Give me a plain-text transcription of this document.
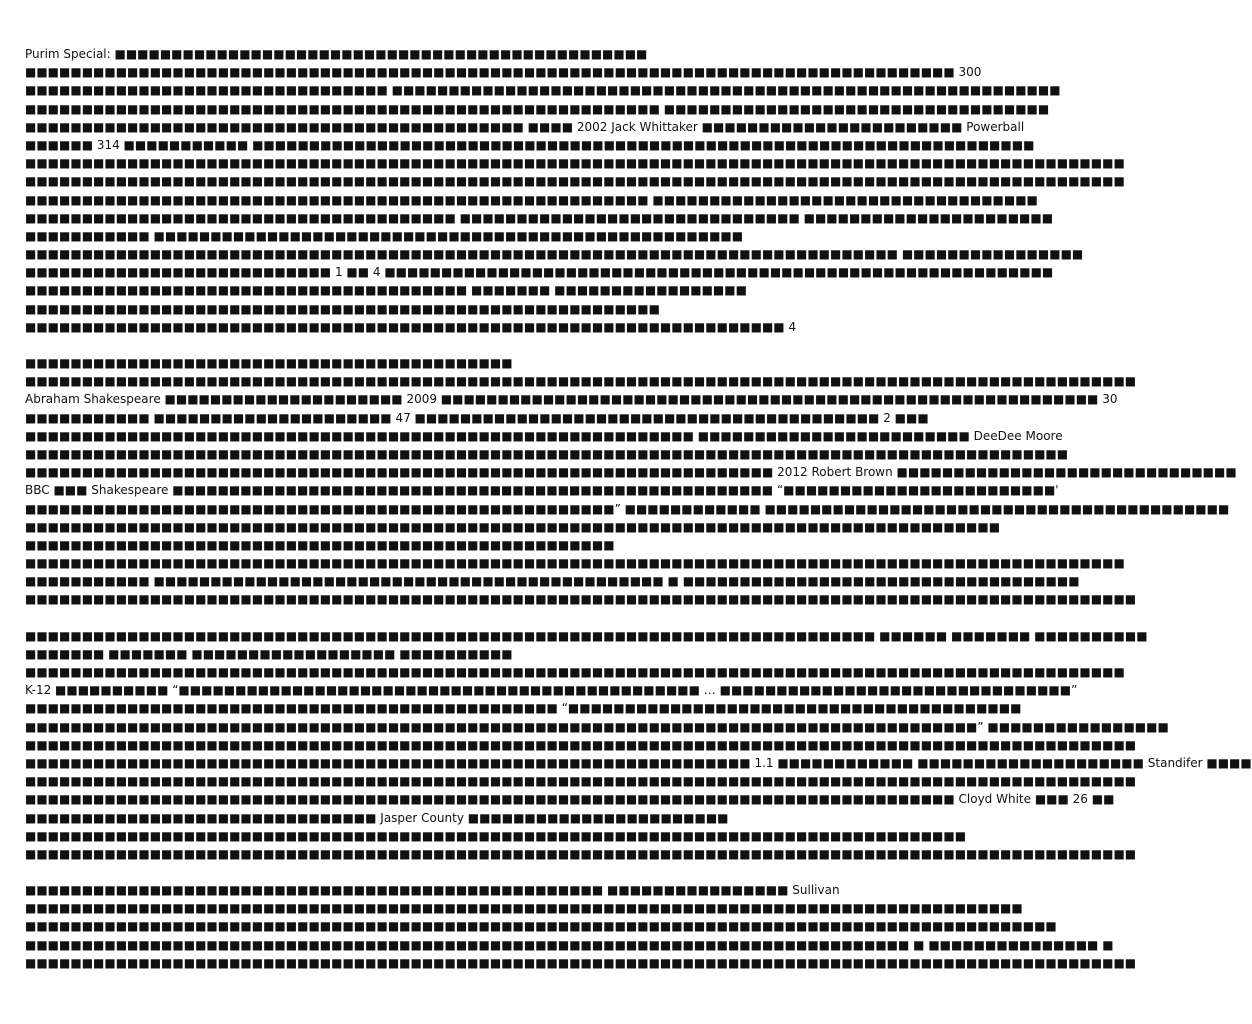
Purim Special: ■■■■■■■■■■■■■■■■■■■■■■■■■■■■■■■■■■■■■■■■■■■■■■■
■■■■■■■■■■■■■■■■■■■■■■■■■■■■■■■■■■■■■■■■■■■■■■■■■■■■■■■■■■■■■■■■■■■■■■■■■■■■■■■■■■ 300
■■■■■■■■■■■■■■■■■■■■■■■■■■■■■■■■ ■■■■■■■■■■■■■■■■■■■■■■■■■■■■■■■■■■■■■■■■■■■■■■■■■■■■■■■■■■■
■■■■■■■■■■■■■■■■■■■■■■■■■■■■■■■■■■■■■■■■■■■■■■■■■■■■■■■■ ■■■■■■■■■■■■■■■■■■■■■■■■■■■■■■■■■■
■■■■■■■■■■■■■■■■■■■■■■■■■■■■■■■■■■■■■■■■■■■■ ■■■■ 2002 Jack Whittaker ■■■■■■■■■■■■■■■■■■■■■■■ Powerball
■■■■■■ 314 ■■■■■■■■■■■ ■■■■■■■■■■■■■■■■■■■■■■■■■■■■■■■■■■■■■■■■■■■■■■■■■■■■■■■■■■■■■■■■■■■■■
■■■■■■■■■■■■■■■■■■■■■■■■■■■■■■■■■■■■■■■■■■■■■■■■■■■■■■■■■■■■■■■■■■■■■■■■■■■■■■■■■■■■■■■■■■■■■■■■■
■■■■■■■■■■■■■■■■■■■■■■■■■■■■■■■■■■■■■■■■■■■■■■■■■■■■■■■■■■■■■■■■■■■■■■■■■■■■■■■■■■■■■■■■■■■■■■■■■
■■■■■■■■■■■■■■■■■■■■■■■■■■■■■■■■■■■■■■■■■■■■■■■■■■■■■■■ ■■■■■■■■■■■■■■■■■■■■■■■■■■■■■■■■■■
■■■■■■■■■■■■■■■■■■■■■■■■■■■■■■■■■■■■■■ ■■■■■■■■■■■■■■■■■■■■■■■■■■■■■■ ■■■■■■■■■■■■■■■■■■■■■■
■■■■■■■■■■■ ■■■■■■■■■■■■■■■■■■■■■■■■■■■■■■■■■■■■■■■■■■■■■■■■■■■■
■■■■■■■■■■■■■■■■■■■■■■■■■■■■■■■■■■■■■■■■■■■■■■■■■■■■■■■■■■■■■■■■■■■■■■■■■■■■■ ■■■■■■■■■■■■■■■■
■■■■■■■■■■■■■■■■■■■■■■■■■■■ 1 ■■ 4 ■■■■■■■■■■■■■■■■■■■■■■■■■■■■■■■■■■■■■■■■■■■■■■■■■■■■■■■■■■■
■■■■■■■■■■■■■■■■■■■■■■■■■■■■■■■■■■■■■■■ ■■■■■■■ ■■■■■■■■■■■■■■■■■
■■■■■■■■■■■■■■■■■■■■■■■■■■■■■■■■■■■■■■■■■■■■■■■■■■■■■■■■
■■■■■■■■■■■■■■■■■■■■■■■■■■■■■■■■■■■■■■■■■■■■■■■■■■■■■■■■■■■■■■■■■■■ 4
■■■■■■■■■■■■■■■■■■■■■■■■■■■■■■■■■■■■■■■■■■■
■■■■■■■■■■■■■■■■■■■■■■■■■■■■■■■■■■■■■■■■■■■■■■■■■■■■■■■■■■■■■■■■■■■■■■■■■■■■■■■■■■■■■■■■■■■■■■■■■■
Abraham Shakespeare ■■■■■■■■■■■■■■■■■■■■■ 2009 ■■■■■■■■■■■■■■■■■■■■■■■■■■■■■■■■■■■■■■■■■■■■■■■■■■■■■■■■■■ 30
■■■■■■■■■■■ ■■■■■■■■■■■■■■■■■■■■■ 47 ■■■■■■■■■■■■■■■■■■■■■■■■■■■■■■■■■■■■■■■■■ 2 ■■■
■■■■■■■■■■■■■■■■■■■■■■■■■■■■■■■■■■■■■■■■■■■■■■■■■■■■■■■■■■■ ■■■■■■■■■■■■■■■■■■■■■■■■ DeeDee Moore
■■■■■■■■■■■■■■■■■■■■■■■■■■■■■■■■■■■■■■■■■■■■■■■■■■■■■■■■■■■■■■■■■■■■■■■■■■■■■■■■■■■■■■■■■■■■
■■■■■■■■■■■■■■■■■■■■■■■■■■■■■■■■■■■■■■■■■■■■■■■■■■■■■■■■■■■■■■■■■■ 2012 Robert Brown ■■■■■■■■■■■■■■■■■■■■■■■■■■■■■■
BBC ■■■ Shakespeare ■■■■■■■■■■■■■■■■■■■■■■■■■■■■■■■■■■■■■■■■■■■■■■■■■■■■■ “■■■■■■■■■■■■■■■■■■■■■■■■'
■■■■■■■■■■■■■■■■■■■■■■■■■■■■■■■■■■■■■■■■■■■■■■■■■■■■” ■■■■■■■■■■■■ ■■■■■■■■■■■■■■■■■■■■■■■■■■■■■■■■■■■■■■■■■
■■■■■■■■■■■■■■■■■■■■■■■■■■■■■■■■■■■■■■■■■■■■■■■■■■■■■■■■■■■■■■■■■■■■■■■■■■■■■■■■■■■■■■
■■■■■■■■■■■■■■■■■■■■■■■■■■■■■■■■■■■■■■■■■■■■■■■■■■■■
■■■■■■■■■■■■■■■■■■■■■■■■■■■■■■■■■■■■■■■■■■■■■■■■■■■■■■■■■■■■■■■■■■■■■■■■■■■■■■■■■■■■■■■■■■■■■■■■■
■■■■■■■■■■■ ■■■■■■■■■■■■■■■■■■■■■■■■■■■■■■■■■■■■■■■■■■■■■ ■ ■■■■■■■■■■■■■■■■■■■■■■■■■■■■■■■■■■■
■■■■■■■■■■■■■■■■■■■■■■■■■■■■■■■■■■■■■■■■■■■■■■■■■■■■■■■■■■■■■■■■■■■■■■■■■■■■■■■■■■■■■■■■■■■■■■■■■■
■■■■■■■■■■■■■■■■■■■■■■■■■■■■■■■■■■■■■■■■■■■■■■■■■■■■■■■■■■■■■■■■■■■■■■■■■■■ ■■■■■■ ■■■■■■■ ■■■■■■■■■■
■■■■■■■ ■■■■■■■ ■■■■■■■■■■■■■■■■■■ ■■■■■■■■■■
■■■■■■■■■■■■■■■■■■■■■■■■■■■■■■■■■■■■■■■■■■■■■■■■■■■■■■■■■■■■■■■■■■■■■■■■■■■■■■■■■■■■■■■■■■■■■■■■■
K-12 ■■■■■■■■■■ “■■■■■■■■■■■■■■■■■■■■■■■■■■■■■■■■■■■■■■■■■■■■■■ … ■■■■■■■■■■■■■■■■■■■■■■■■■■■■■■■”
■■■■■■■■■■■■■■■■■■■■■■■■■■■■■■■■■■■■■■■■■■■■■■■ “■■■■■■■■■■■■■■■■■■■■■■■■■■■■■■■■■■■■■■■■
■■■■■■■■■■■■■■■■■■■■■■■■■■■■■■■■■■■■■■■■■■■■■■■■■■■■■■■■■■■■■■■■■■■■■■■■■■■■■■■■■■■■” ■■■■■■■■■■■■■■■■
■■■■■■■■■■■■■■■■■■■■■■■■■■■■■■■■■■■■■■■■■■■■■■■■■■■■■■■■■■■■■■■■■■■■■■■■■■■■■■■■■■■■■■■■■■■■■■■■■■
■■■■■■■■■■■■■■■■■■■■■■■■■■■■■■■■■■■■■■■■■■■■■■■■■■■■■■■■■■■■■■■■ 1.1 ■■■■■■■■■■■■ ■■■■■■■■■■■■■■■■■■■■ Standifer ■■■■
■■■■■■■■■■■■■■■■■■■■■■■■■■■■■■■■■■■■■■■■■■■■■■■■■■■■■■■■■■■■■■■■■■■■■■■■■■■■■■■■■■■■■■■■■■■■■■■■■■
■■■■■■■■■■■■■■■■■■■■■■■■■■■■■■■■■■■■■■■■■■■■■■■■■■■■■■■■■■■■■■■■■■■■■■■■■■■■■■■■■■ Cloyd White ■■■ 26 ■■
■■■■■■■■■■■■■■■■■■■■■■■■■■■■■■■ Jasper County ■■■■■■■■■■■■■■■■■■■■■■■
■■■■■■■■■■■■■■■■■■■■■■■■■■■■■■■■■■■■■■■■■■■■■■■■■■■■■■■■■■■■■■■■■■■■■■■■■■■■■■■■■■■
■■■■■■■■■■■■■■■■■■■■■■■■■■■■■■■■■■■■■■■■■■■■■■■■■■■■■■■■■■■■■■■■■■■■■■■■■■■■■■■■■■■■■■■■■■■■■■■■■■
■■■■■■■■■■■■■■■■■■■■■■■■■■■■■■■■■■■■■■■■■■■■■■■■■■■ ■■■■■■■■■■■■■■■■ Sullivan
■■■■■■■■■■■■■■■■■■■■■■■■■■■■■■■■■■■■■■■■■■■■■■■■■■■■■■■■■■■■■■■■■■■■■■■■■■■■■■■■■■■■■■■■
■■■■■■■■■■■■■■■■■■■■■■■■■■■■■■■■■■■■■■■■■■■■■■■■■■■■■■■■■■■■■■■■■■■■■■■■■■■■■■■■■■■■■■■■■■■
■■■■■■■■■■■■■■■■■■■■■■■■■■■■■■■■■■■■■■■■■■■■■■■■■■■■■■■■■■■■■■■■■■■■■■■■■■■■■■ ■ ■■■■■■■■■■■■■■■ ■
■■■■■■■■■■■■■■■■■■■■■■■■■■■■■■■■■■■■■■■■■■■■■■■■■■■■■■■■■■■■■■■■■■■■■■■■■■■■■■■■■■■■■■■■■■■■■■■■■■
